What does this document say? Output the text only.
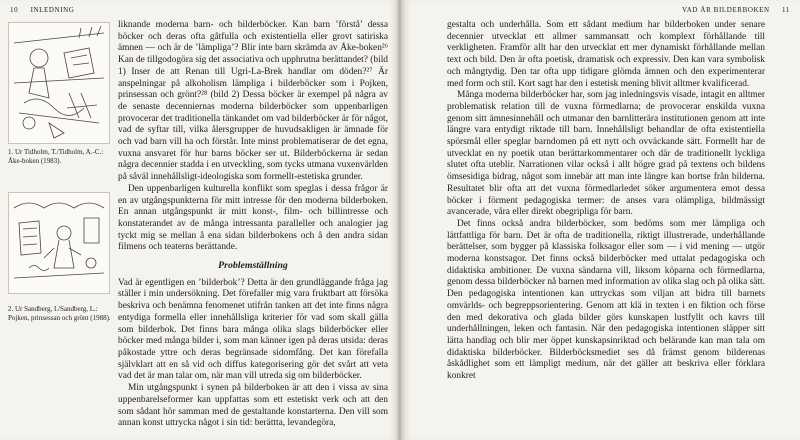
10 INLEDNING
1. Ur Tidholm, T./Tidholm, A.-C.: Åke-boken (1983).
2. Ur Sandberg, I./Sandberg, L.: Pojken, prinsessan och grönt (1988).

liknande moderna barn- och bilderböcker. Kan barn ’förstå’ dessa böcker och deras ofta gåtfulla och existentiella eller grovt satiriska ämnen — och är de ’lämpliga’? Blir inte barn skrämda av Åke-boken²⁶ Kan de tillgodogöra sig det associativa och upphrutna berättandet? (bild 1) Inser de att Renan till Ugri-La-Brek handlar om döden?²⁷ Är anspelningar på alkoholism lämpliga i bilderböcker som i Pojken, prinsessan och grönt?²⁸ (bild 2) Dessa böcker är exempel på några av de senaste decenniernas moderna bilderböcker som uppenbarligen provocerar det traditionella tänkandet om vad bilderböcker är för något, vad de syftar till, vilka ålersgrupper de huvudsakligen är ämnade för och vad barn vill ha och förstår. Inte minst problematiserar de det egna, vuxna ansvaret för hur barns böcker ser ut. Bilderböckerna är sedan några decennier stadda i en utveckling, som tycks utmana vuxenvärlden på såväl innehållsligt-ideologiska som formellt-estetiska grunder.

Den uppenbarligen kulturella konflikt som speglas i dessa frågor är en av utgångspunkterna för mitt intresse för den moderna bilderboken. En annan utgångspunkt är mitt konst-, film- och billintresse och konstaterandet av de många intressanta paralleller och analogier jag tyckt mig se mellan å ena sidan bilderbokens och å den andra sidan filmens och teaterns berättande.

Problemställning

Vad är egentligen en ’bilderbok’? Detta är den grundläggande fråga jag ställer i min undersökning. Det förefaller mig vara fruktbart att försöka beskriva och benämna fenomenet utifrån tanken att det inte finns några entydiga formella eller innehållsliga kriterier för vad som skall gälla som bilderbok. Det finns bara många olika slags bilderböcker eller böcker med många bilder i, som man känner igen på deras utsida: deras påkostade yttre och deras begränsade sidomfång. Det kan förefalla självklart att en så vid och diffus kategorisering gör det svårt att veta vad det är man talar om, när man vill utreda sig om bilderböcker.

Min utgångspunkt i synen på bilderboken är att den i vissa av sina uppenbarelseformer kan uppfattas som ett estetiskt verk och att den som sådant hör samman med de gestaltande konstarterna. Den vill som annan konst uttrycka något i sin tid: berättta, levandegöra,

VAD ÄR BILDERBOKEN 11

gestalta och underhålla. Som ett sådant medium har bilderboken under senare decennier utvecklat ett allmer sammansatt och komplext förhållande till verkligheten. Framför allt har den utvecklat ett mer dynamiskt förhållande mellan text och bild. Den är ofta poetisk, dramatisk och expressiv. Den kan vara symbolisk och mångtydig. Den tar ofta upp tidigare glömda ämnen och den experimenterar med form och stil. Kort sagt har den i estetisk mening blivit alltmer kvalificerad.

Många moderna bilderböcker har, som jag inledningsvis visade, intagit en alltmer problematisk relation till de vuxna förmedlarna; de provocerar enskilda vuxna genom sitt ämnesinnehåll och utmanar den barnlitterära institutionen genom att inte längre vara entydigt riktade till barn. Innehållsligt behandlar de ofta existentiella spörsmål eller speglar barndomen på ett nytt och ovväckande sätt. Formellt har de utvecklat en ny poetik utan berättarkommentarer och där de traditionellt lyckliga slutet ofta uteblir. Narrationen vilar också i allt högre grad på textens och bildens ömsesidiga bidrag, något som innebär att man inte längre kan bortse från bilderna. Resultatet blir ofta att det vuxna förmedlarledet söker argumentera emot dessa böcker i förment pedagogiska termer: de anses vara olämpliga, bildmässigt avancerade, våra eller direkt obegripliga för barn.

Det finns också andra bilderböcker, som bedöms som mer lämpliga och lättfattliga för barn. Det är ofta de traditionella, riktigt illustrerade, underhållande berättelser, som bygger på klassiska folksagor eller som — i vid mening — utgör moderna konstsagor. Det finns också bilderböcker med uttalat pedagogiska och didaktiska ambitioner. De vuxna sändarna vill, liksom köparna och förmedlarna, genom dessa bilderböcker nå barnen med information av olika slag och på olika sätt. Den pedagogiska intentionen kan uttryckas som viljan att bidra till barnets omvärlds- och begreppsorientering. Genom att klä in texten i en fiktion och förse den med dekorativa och glada bilder görs kunskapen lustfyllt och kavrs till underhållningen, leken och fantasin. När den pedagogiska intentionen släpper sitt lätta handlag och blir mer öppet kunskapsinriktad och belärande kan man tala om didaktiska bilderböcker. Bilderböcksmediet ses då främst genom bilderenas åskådlighet som ett lämpligt medium, när det gäller att beskriva eller förklara konkret
